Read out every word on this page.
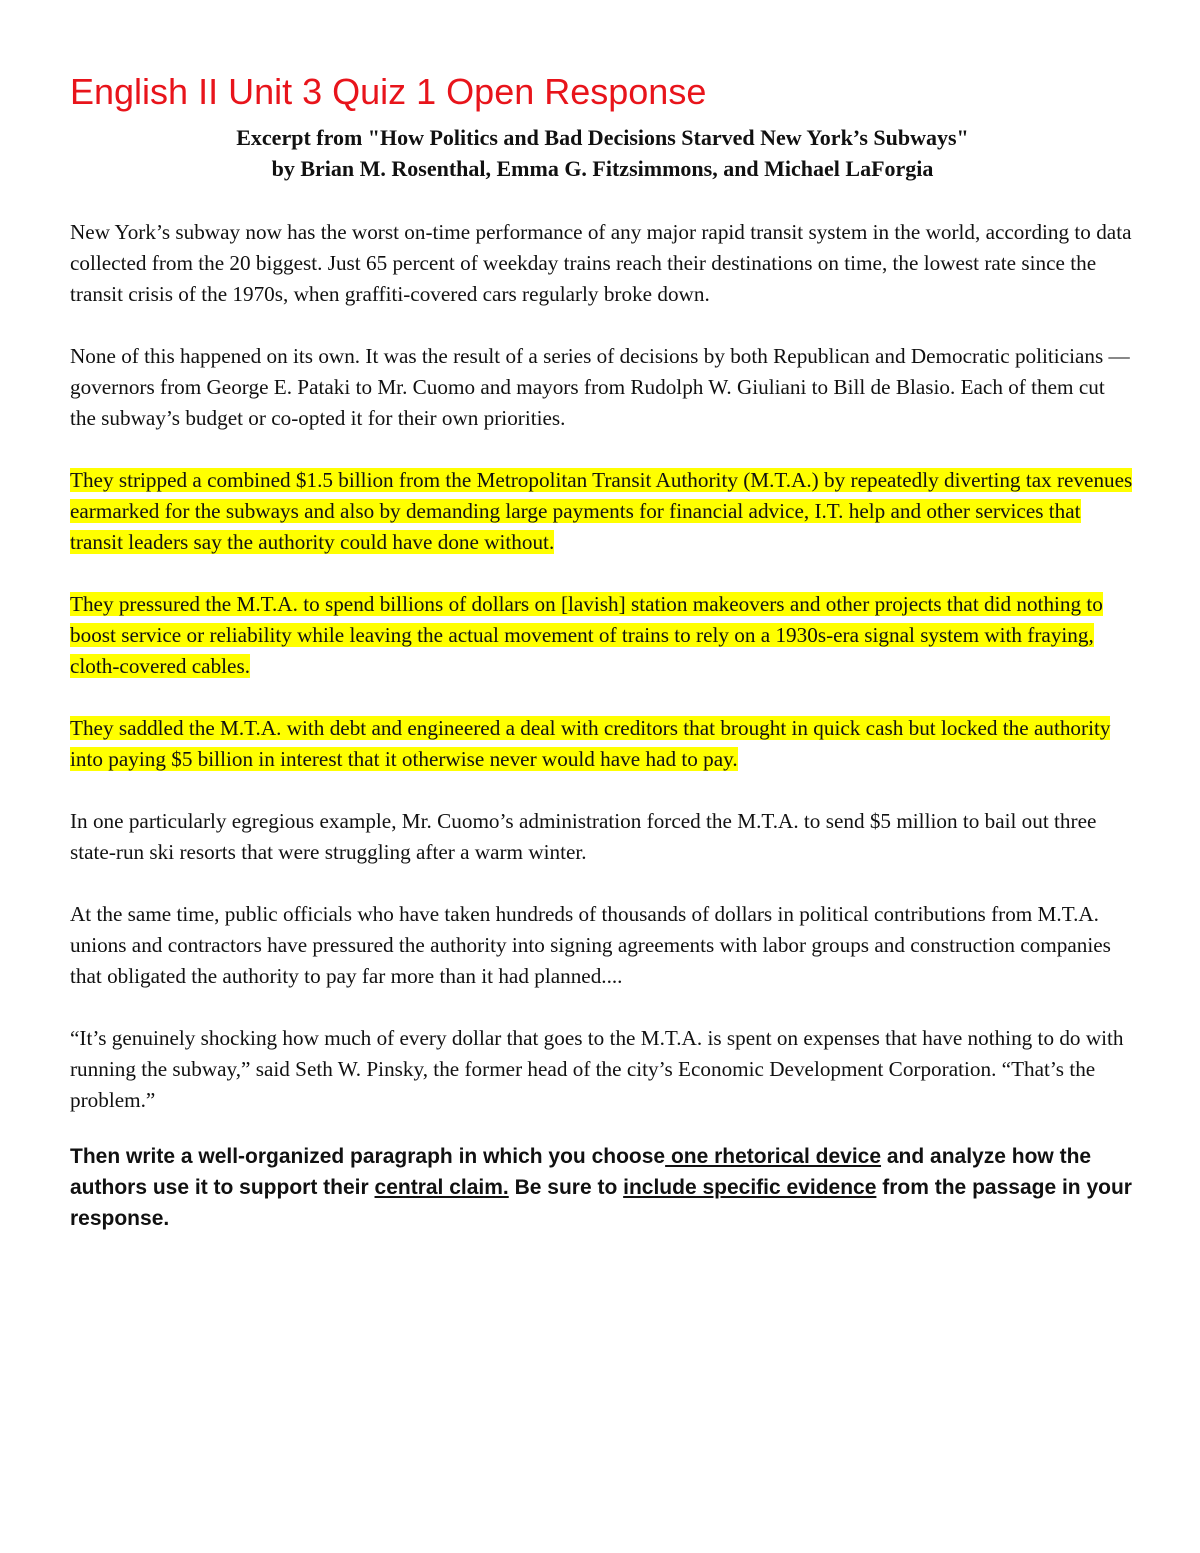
English II Unit 3 Quiz 1 Open Response

Excerpt from "How Politics and Bad Decisions Starved New York’s Subways"

by Brian M. Rosenthal, Emma G. Fitzsimmons, and Michael LaForgia

New York’s subway now has the worst on-time performance of any major rapid transit system in the world, according to data collected from the 20 biggest. Just 65 percent of weekday trains reach their destinations on time, the lowest rate since the transit crisis of the 1970s, when graffiti-covered cars regularly broke down.

None of this happened on its own. It was the result of a series of decisions by both Republican and Democratic politicians — governors from George E. Pataki to Mr. Cuomo and mayors from Rudolph W. Giuliani to Bill de Blasio. Each of them cut the subway’s budget or co-opted it for their own priorities.

They stripped a combined $1.5 billion from the Metropolitan Transit Authority (M.T.A.) by repeatedly diverting tax revenues earmarked for the subways and also by demanding large payments for financial advice, I.T. help and other services that transit leaders say the authority could have done without.

They pressured the M.T.A. to spend billions of dollars on [lavish] station makeovers and other projects that did nothing to boost service or reliability while leaving the actual movement of trains to rely on a 1930s-era signal system with fraying, cloth-covered cables.

They saddled the M.T.A. with debt and engineered a deal with creditors that brought in quick cash but locked the authority into paying $5 billion in interest that it otherwise never would have had to pay.

In one particularly egregious example, Mr. Cuomo’s administration forced the M.T.A. to send $5 million to bail out three state-run ski resorts that were struggling after a warm winter.

At the same time, public officials who have taken hundreds of thousands of dollars in political contributions from M.T.A. unions and contractors have pressured the authority into signing agreements with labor groups and construction companies that obligated the authority to pay far more than it had planned....

“It’s genuinely shocking how much of every dollar that goes to the M.T.A. is spent on expenses that have nothing to do with running the subway,” said Seth W. Pinsky, the former head of the city’s Economic Development Corporation. “That’s the problem.”

Then write a well-organized paragraph in which you choose one rhetorical device and analyze how the authors use it to support their central claim. Be sure to include specific evidence from the passage in your response.
